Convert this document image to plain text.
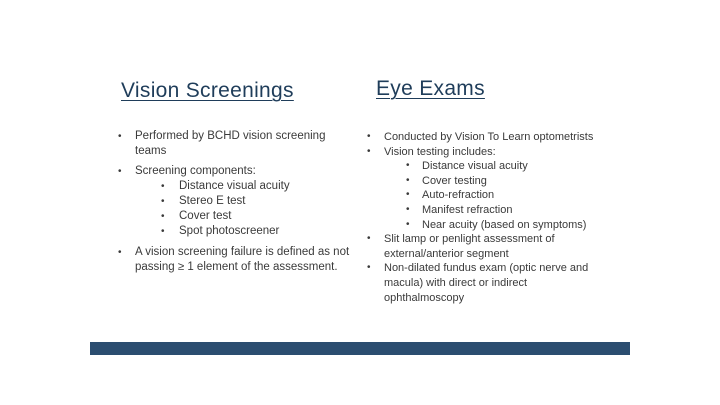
Vision Screenings	Eye Exams
• Performed by BCHD vision screening teams
• Screening components:
• Distance visual acuity
• Stereo E test
• Cover test
• Spot photoscreener
• A vision screening failure is defined as not passing ≥ 1 element of the assessment.
• Conducted by Vision To Learn optometrists
• Vision testing includes:
• Distance visual acuity
• Cover testing
• Auto-refraction
• Manifest refraction
• Near acuity (based on symptoms)
• Slit lamp or penlight assessment of external/anterior segment
• Non-dilated fundus exam (optic nerve and macula) with direct or indirect ophthalmoscopy
